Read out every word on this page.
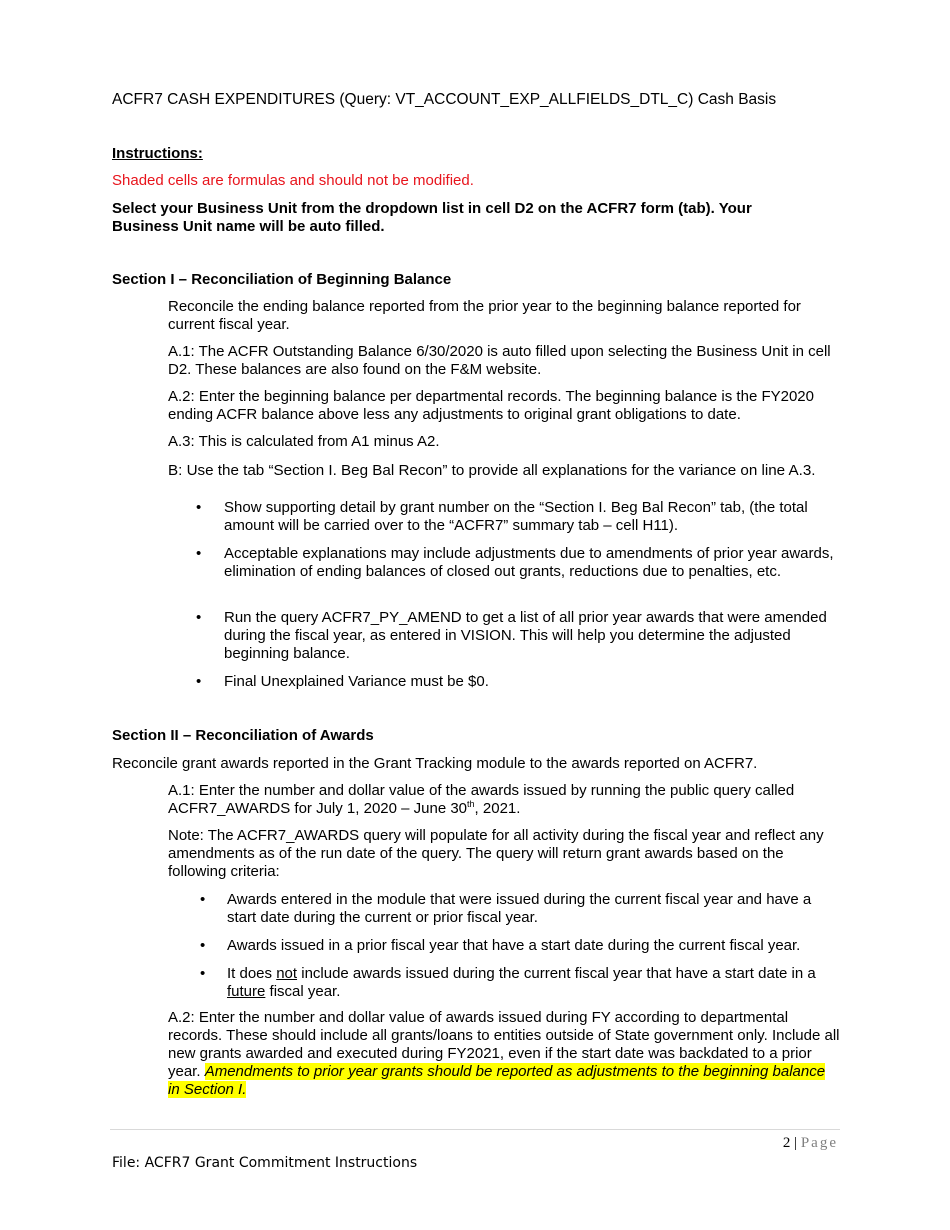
ACFR7 CASH EXPENDITURES (Query: VT_ACCOUNT_EXP_ALLFIELDS_DTL_C) Cash Basis

Instructions:

Shaded cells are formulas and should not be modified.

Select your Business Unit from the dropdown list in cell D2 on the ACFR7 form (tab). Your Business Unit name will be auto filled.

Section I – Reconciliation of Beginning Balance

Reconcile the ending balance reported from the prior year to the beginning balance reported for current fiscal year.

A.1: The ACFR Outstanding Balance 6/30/2020 is auto filled upon selecting the Business Unit in cell D2. These balances are also found on the F&M website.

A.2: Enter the beginning balance per departmental records. The beginning balance is the FY2020 ending ACFR balance above less any adjustments to original grant obligations to date.

A.3: This is calculated from A1 minus A2.

B: Use the tab “Section I. Beg Bal Recon” to provide all explanations for the variance on line A.3.

•	Show supporting detail by grant number on the “Section I. Beg Bal Recon” tab, (the total amount will be carried over to the “ACFR7” summary tab – cell H11).
•	Acceptable explanations may include adjustments due to amendments of prior year awards, elimination of ending balances of closed out grants, reductions due to penalties, etc.
•	Run the query ACFR7_PY_AMEND to get a list of all prior year awards that were amended during the fiscal year, as entered in VISION. This will help you determine the adjusted beginning balance.
•	Final Unexplained Variance must be $0.

Section II – Reconciliation of Awards

Reconcile grant awards reported in the Grant Tracking module to the awards reported on ACFR7.

A.1: Enter the number and dollar value of the awards issued by running the public query called ACFR7_AWARDS for July 1, 2020 – June 30th, 2021.

Note: The ACFR7_AWARDS query will populate for all activity during the fiscal year and reflect any amendments as of the run date of the query. The query will return grant awards based on the following criteria:

•	Awards entered in the module that were issued during the current fiscal year and have a start date during the current or prior fiscal year.
•	Awards issued in a prior fiscal year that have a start date during the current fiscal year.
•	It does not include awards issued during the current fiscal year that have a start date in a future fiscal year.

A.2: Enter the number and dollar value of awards issued during FY according to departmental records. These should include all grants/loans to entities outside of State government only. Include all new grants awarded and executed during FY2021, even if the start date was backdated to a prior year. Amendments to prior year grants should be reported as adjustments to the beginning balance in Section I.

2 | Page

File: ACFR7 Grant Commitment Instructions
